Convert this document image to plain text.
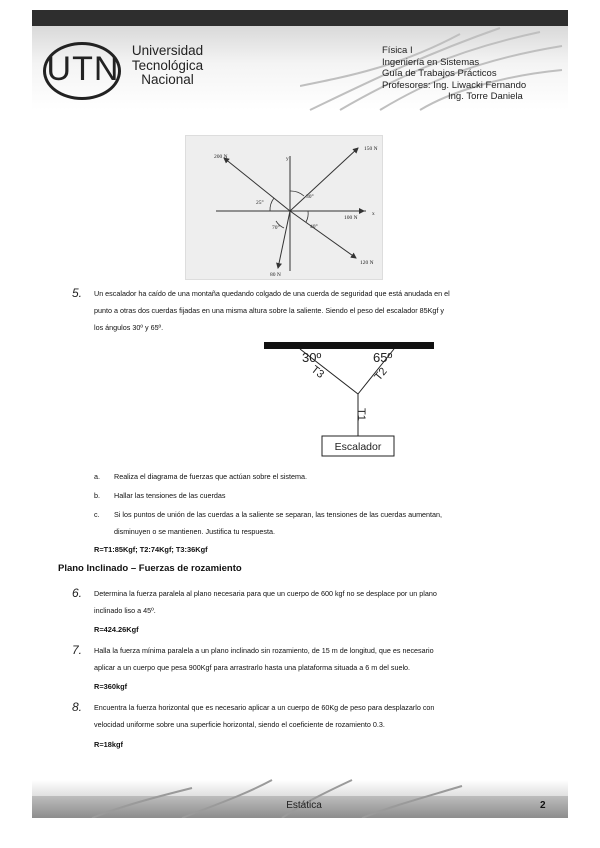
UTN Universidad
Tecnológica
Nacional
Física I
Ingeniería en Sistemas
Guía de Trabajos Prácticos
Profesores: Ing. Liwacki Fernando
Ing. Torre Daniela
200 N
150 N
100 N
120 N
80 N
25°
30°
70°	40°
x
y
5. Un escalador ha caído de una montaña quedando colgado de una cuerda de seguridad que está anudada en el
punto a otras dos cuerdas fijadas en una misma altura sobre la saliente. Siendo el peso del escalador 85Kgf y
los ángulos 30º y 65º.
30º	65º
T3	T2
T1
Escalador
a. Realiza el diagrama de fuerzas que actúan sobre el sistema.
b. Hallar las tensiones de las cuerdas
c. Si los puntos de unión de las cuerdas a la saliente se separan, las tensiones de las cuerdas aumentan,
disminuyen o se mantienen. Justifica tu respuesta.
R=T1:85Kgf; T2:74Kgf; T3:36Kgf
Plano Inclinado – Fuerzas de rozamiento
6. Determina la fuerza paralela al plano necesaria para que un cuerpo de 600 kgf no se desplace por un plano
inclinado liso a 45º.
R=424.26Kgf
7. Halla la fuerza mínima paralela a un plano inclinado sin rozamiento, de 15 m de longitud, que es necesario
aplicar a un cuerpo que pesa 900Kgf para arrastrarlo hasta una plataforma situada a 6 m del suelo.
R=360kgf
8. Encuentra la fuerza horizontal que es necesario aplicar a un cuerpo de 60Kg de peso para desplazarlo con
velocidad uniforme sobre una superficie horizontal, siendo el coeficiente de rozamiento 0.3.
R=18kgf
Estática	2
